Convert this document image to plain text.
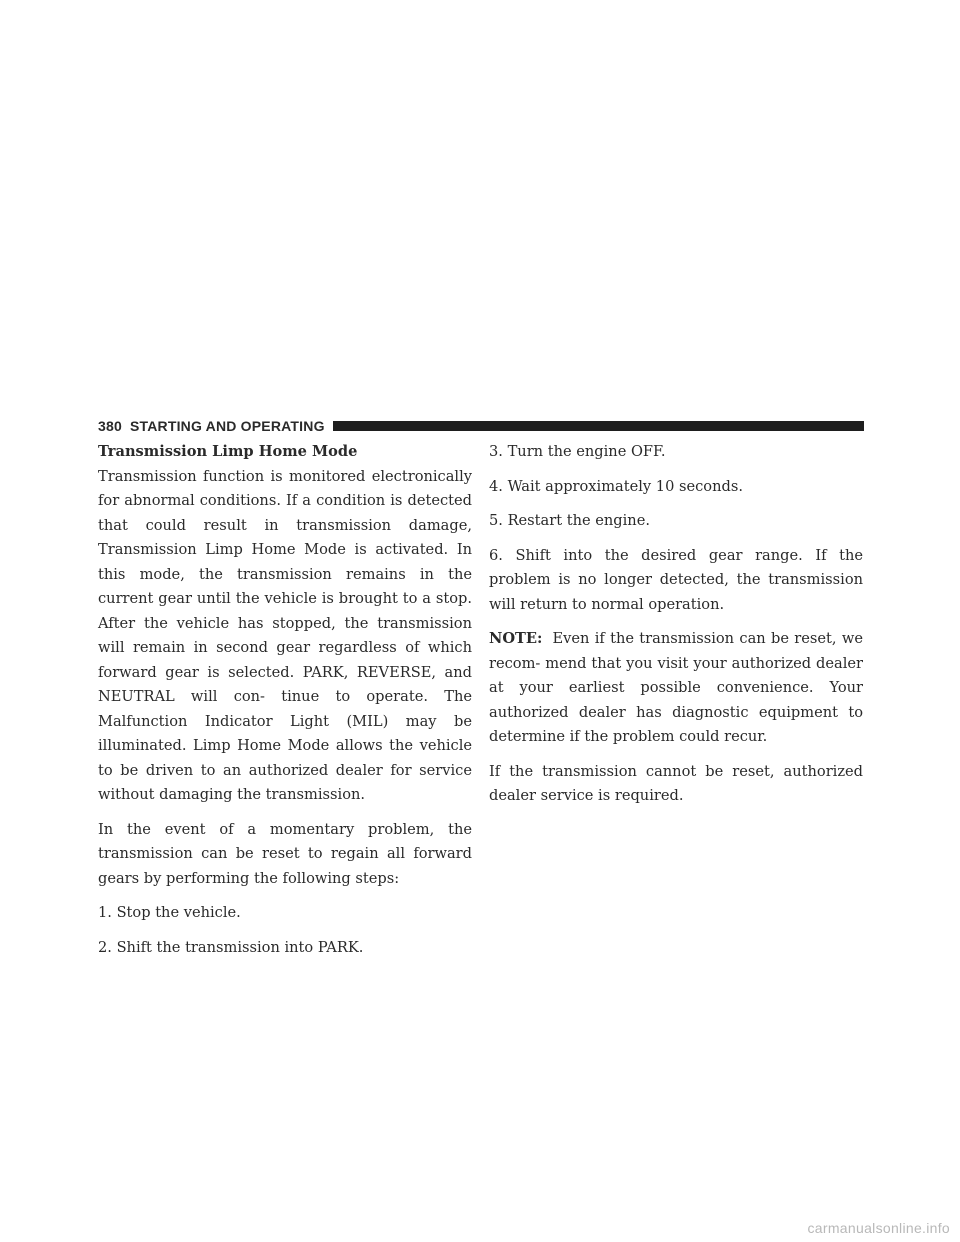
380 STARTING AND OPERATING
Transmission Limp Home Mode

Transmission function is monitored electronically for abnormal conditions. If a condition is detected that could result in transmission damage, Transmission Limp Home Mode is activated. In this mode, the transmission remains in the current gear until the vehicle is brought to a stop. After the vehicle has stopped, the transmission will remain in second gear regardless of which forward gear is selected. PARK, REVERSE, and NEUTRAL will con- tinue to operate. The Malfunction Indicator Light (MIL) may be illuminated. Limp Home Mode allows the vehicle to be driven to an authorized dealer for service without damaging the transmission.

In the event of a momentary problem, the transmission can be reset to regain all forward gears by performing the following steps:

1. Stop the vehicle.

2. Shift the transmission into PARK.

3. Turn the engine OFF.

4. Wait approximately 10 seconds.

5. Restart the engine.

6. Shift into the desired gear range. If the problem is no longer detected, the transmission will return to normal operation.

NOTE: Even if the transmission can be reset, we recom- mend that you visit your authorized dealer at your earliest possible convenience. Your authorized dealer has diagnostic equipment to determine if the problem could recur.

If the transmission cannot be reset, authorized dealer service is required.

carmanualsonline.info
